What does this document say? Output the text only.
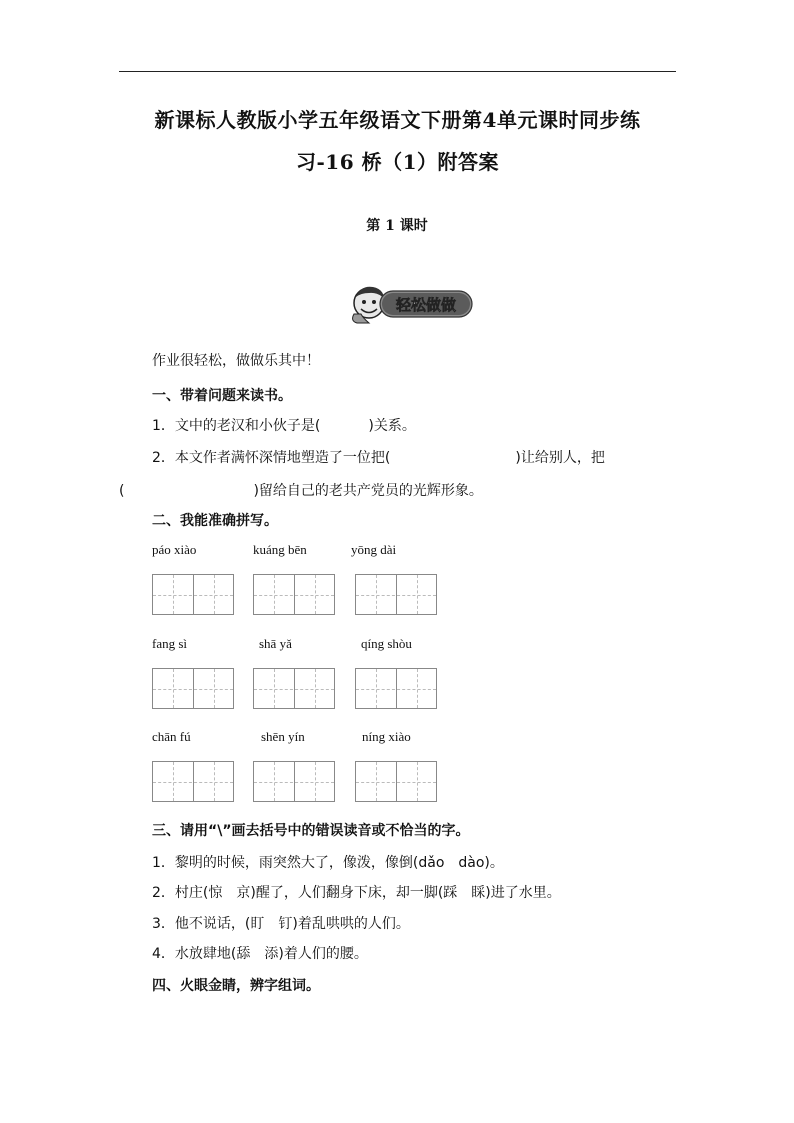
新课标人教版小学五年级语文下册第4单元课时同步练
习-16 桥（1）附答案
第 1 课时
轻松做做
作业很轻松，做做乐其中！
一、带着问题来读书。
1．文中的老汉和小伙子是(	)关系。
2．本文作者满怀深情地塑造了一位把(	)让给别人，把
(	)留给自己的老共产党员的光辉形象。
二、我能准确拼写。
páo xiào	kuáng bēn	yōng dài
fang sì	shā yǎ	qíng shòu
chān fú	shēn yín	níng xiào
三、请用“\”画去括号中的错误读音或不恰当的字。
1．黎明的时候，雨突然大了，像泼，像倒(dǎo　dào)。
2．村庄(惊　京)醒了，人们翻身下床，却一脚(踩　睬)进了水里。
3．他不说话，(盯　钉)着乱哄哄的人们。
4．水放肆地(舔　添)着人们的腰。
四、火眼金睛，辨字组词。
